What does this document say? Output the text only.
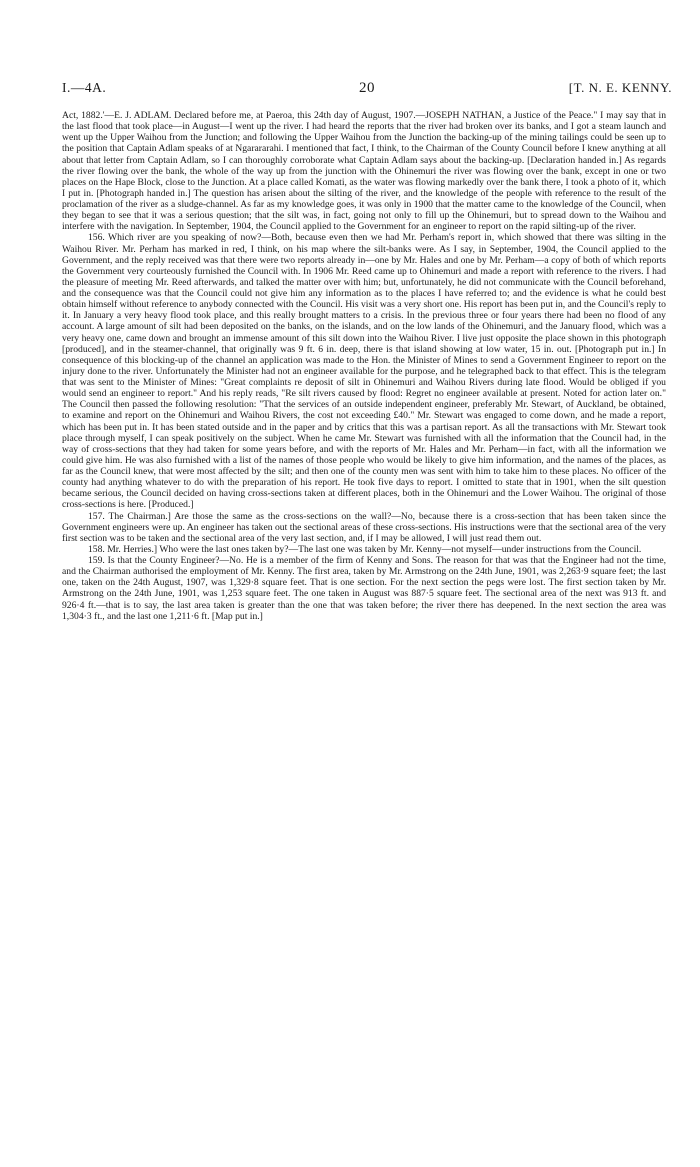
I.—4A.	20	[T. N. E. KENNY.

Act, 1882.'—E. J. ADLAM. Declared before me, at Paeroa, this 24th day of August, 1907.—JOSEPH NATHAN, a Justice of the Peace." I may say that in the last flood that took place—in August—I went up the river. I had heard the reports that the river had broken over its banks, and I got a steam launch and went up the Upper Waihou from the Junction; and following the Upper Waihou from the Junction the backing-up of the mining tailings could be seen up to the position that Captain Adlam speaks of at Ngarararahi. I mentioned that fact, I think, to the Chairman of the County Council before I knew anything at all about that letter from Captain Adlam, so I can thoroughly corroborate what Captain Adlam says about the backing-up. [Declaration handed in.] As regards the river flowing over the bank, the whole of the way up from the junction with the Ohinemuri the river was flowing over the bank, except in one or two places on the Hape Block, close to the Junction. At a place called Komati, as the water was flowing markedly over the bank there, I took a photo of it, which I put in. [Photograph handed in.] The question has arisen about the silting of the river, and the knowledge of the people with reference to the result of the proclamation of the river as a sludge-channel. As far as my knowledge goes, it was only in 1900 that the matter came to the knowledge of the Council, when they began to see that it was a serious question; that the silt was, in fact, going not only to fill up the Ohinemuri, but to spread down to the Waihou and interfere with the navigation. In September, 1904, the Council applied to the Government for an engineer to report on the rapid silting-up of the river.

156. Which river are you speaking of now?—Both, because even then we had Mr. Perham's report in, which showed that there was silting in the Waihou River. Mr. Perham has marked in red, I think, on his map where the silt-banks were. As I say, in September, 1904, the Council applied to the Government, and the reply received was that there were two reports already in—one by Mr. Hales and one by Mr. Perham—a copy of both of which reports the Government very courteously furnished the Council with. In 1906 Mr. Reed came up to Ohinemuri and made a report with reference to the rivers. I had the pleasure of meeting Mr. Reed afterwards, and talked the matter over with him; but, unfortunately, he did not communicate with the Council beforehand, and the consequence was that the Council could not give him any information as to the places I have referred to; and the evidence is what he could best obtain himself without reference to anybody connected with the Council. His visit was a very short one. His report has been put in, and the Council's reply to it. In January a very heavy flood took place, and this really brought matters to a crisis. In the previous three or four years there had been no flood of any account. A large amount of silt had been deposited on the banks, on the islands, and on the low lands of the Ohinemuri, and the January flood, which was a very heavy one, came down and brought an immense amount of this silt down into the Waihou River. I live just opposite the place shown in this photograph [produced], and in the steamer-channel, that originally was 9 ft. 6 in. deep, there is that island showing at low water, 15 in. out. [Photograph put in.] In consequence of this blocking-up of the channel an application was made to the Hon. the Minister of Mines to send a Government Engineer to report on the injury done to the river. Unfortunately the Minister had not an engineer available for the purpose, and he telegraphed back to that effect. This is the telegram that was sent to the Minister of Mines: "Great complaints re deposit of silt in Ohinemuri and Waihou Rivers during late flood. Would be obliged if you would send an engineer to report." And his reply reads, "Re silt rivers caused by flood: Regret no engineer available at present. Noted for action later on." The Council then passed the following resolution: "That the services of an outside independent engineer, preferably Mr. Stewart, of Auckland, be obtained, to examine and report on the Ohinemuri and Waihou Rivers, the cost not exceeding £40." Mr. Stewart was engaged to come down, and he made a report, which has been put in. It has been stated outside and in the paper and by critics that this was a partisan report. As all the transactions with Mr. Stewart took place through myself, I can speak positively on the subject. When he came Mr. Stewart was furnished with all the information that the Council had, in the way of cross-sections that they had taken for some years before, and with the reports of Mr. Hales and Mr. Perham—in fact, with all the information we could give him. He was also furnished with a list of the names of those people who would be likely to give him information, and the names of the places, as far as the Council knew, that were most affected by the silt; and then one of the county men was sent with him to take him to these places. No officer of the county had anything whatever to do with the preparation of his report. He took five days to report. I omitted to state that in 1901, when the silt question became serious, the Council decided on having cross-sections taken at different places, both in the Ohinemuri and the Lower Waihou. The original of those cross-sections is here. [Produced.]

157. The Chairman.] Are those the same as the cross-sections on the wall?—No, because there is a cross-section that has been taken since the Government engineers were up. An engineer has taken out the sectional areas of these cross-sections. His instructions were that the sectional area of the very first section was to be taken and the sectional area of the very last section, and, if I may be allowed, I will just read them out.

158. Mr. Herries.] Who were the last ones taken by?—The last one was taken by Mr. Kenny—not myself—under instructions from the Council.

159. Is that the County Engineer?—No. He is a member of the firm of Kenny and Sons. The reason for that was that the Engineer had not the time, and the Chairman authorised the employment of Mr. Kenny. The first area, taken by Mr. Armstrong on the 24th June, 1901, was 2,263·9 square feet; the last one, taken on the 24th August, 1907, was 1,329·8 square feet. That is one section. For the next section the pegs were lost. The first section taken by Mr. Armstrong on the 24th June, 1901, was 1,253 square feet. The one taken in August was 887·5 square feet. The sectional area of the next was 913 ft. and 926·4 ft.—that is to say, the last area taken is greater than the one that was taken before; the river there has deepened. In the next section the area was 1,304·3 ft., and the last one 1,211·6 ft. [Map put in.]
